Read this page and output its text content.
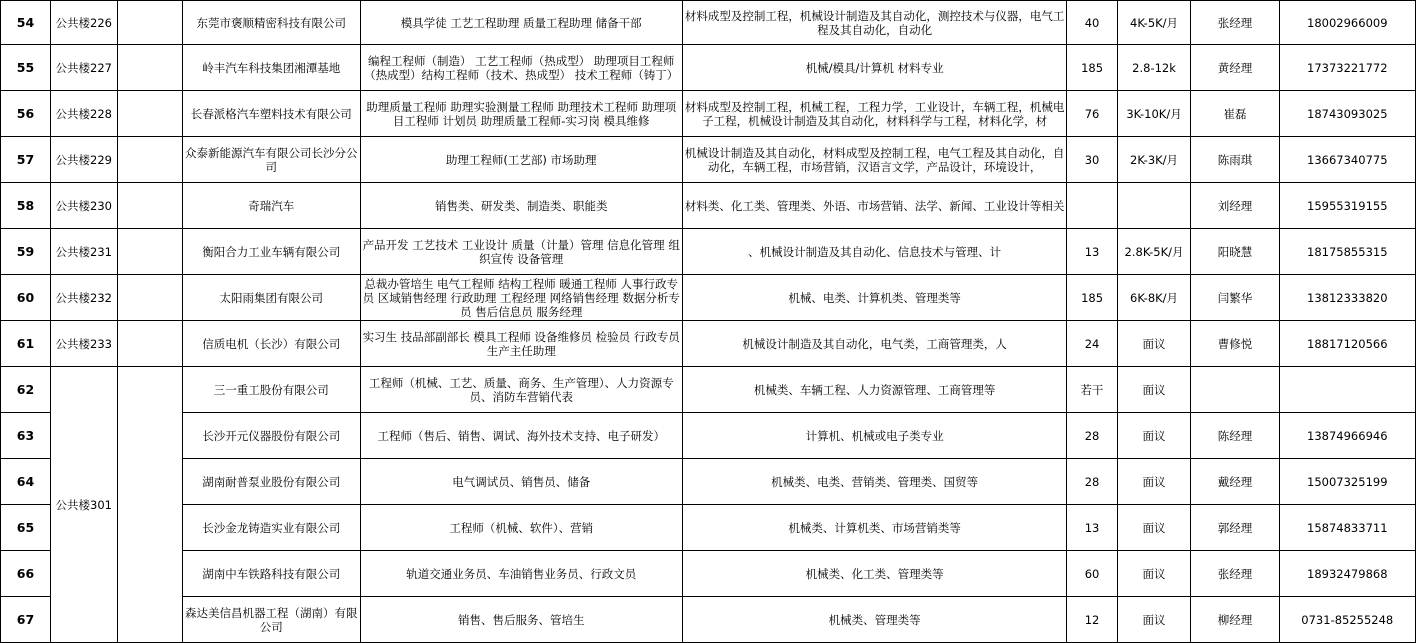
54	公共楼226		东莞市褒顺精密科技有限公司	模具学徒 工艺工程助理 质量工程助理 储备干部	材料成型及控制工程，机械设计制造及其自动化，测控技术与仪器，电气工程及其自动化，自动化	40	4K-5K/月	张经理	18002966009
55	公共楼227		岭丰汽车科技集团湘潭基地	编程工程师（制造） 工艺工程师（热成型） 助理项目工程师 （热成型）结构工程师（技术、热成型） 技术工程师（铸丁）	机械/模具/计算机 材料专业	185	2.8-12k	黄经理	17373221772
56	公共楼228		长春派格汽车塑料技术有限公司	助理质量工程师 助理实验测量工程师 助理技术工程师 助理项目工程师 计划员 助理质量工程师-实习岗 模具维修	材料成型及控制工程，机械工程，工程力学，工业设计，车辆工程，机械电子工程，机械设计制造及其自动化，材料科学与工程，材料化学，材	76	3K-10K/月	崔磊	18743093025
57	公共楼229		众泰新能源汽车有限公司长沙分公司	助理工程师(工艺部) 市场助理	机械设计制造及其自动化，材料成型及控制工程，电气工程及其自动化，自动化，车辆工程，市场营销，汉语言文学，产品设计，环境设计，	30	2K-3K/月	陈雨琪	13667340775
58	公共楼230		奇瑞汽车	销售类、研发类、制造类、职能类	材料类、化工类、管理类、外语、市场营销、法学、新闻、工业设计等相关			刘经理	15955319155
59	公共楼231		衡阳合力工业车辆有限公司	产品开发 工艺技术 工业设计 质量（计量）管理 信息化管理 组织宣传 设备管理	、机械设计制造及其自动化、信息技术与管理、计	13	2.8K-5K/月	阳晓慧	18175855315
60	公共楼232		太阳雨集团有限公司	总裁办管培生 电气工程师 结构工程师 暖通工程师 人事行政专员 区域销售经理 行政助理 工程经理 网络销售经理 数据分析专员 售后信息员 服务经理	机械、电类、计算机类、管理类等	185	6K-8K/月	闫繁华	13812333820
61	公共楼233		信质电机（长沙）有限公司	实习生 技品部副部长 模具工程师 设备维修员 检验员 行政专员 生产主任助理	机械设计制造及其自动化，电气类，工商管理类，人	24	面议	曹修悦	18817120566
62	公共楼301		三一重工股份有限公司	工程师（机械、工艺、质量、商务、生产管理）、人力资源专员、消防车营销代表	机械类、车辆工程、人力资源管理、工商管理等	若干	面议		
63			长沙开元仪器股份有限公司	工程师（售后、销售、调试、海外技术支持、电子研发）	计算机、机械或电子类专业	28	面议	陈经理	13874966946
64			湖南耐普泵业股份有限公司	电气调试员、销售员、储备	机械类、电类、营销类、管理类、国贸等	28	面议	戴经理	15007325199
65			长沙金龙铸造实业有限公司	工程师（机械、软件）、营销	机械类、计算机类、市场营销类等	13	面议	郭经理	15874833711
66			湖南中车铁路科技有限公司	轨道交通业务员、车油销售业务员、行政文员	机械类、化工类、管理类等	60	面议	张经理	18932479868
67			森达美信昌机器工程（湖南）有限公司	销售、售后服务、管培生	机械类、管理类等	12	面议	柳经理	0731-85255248
